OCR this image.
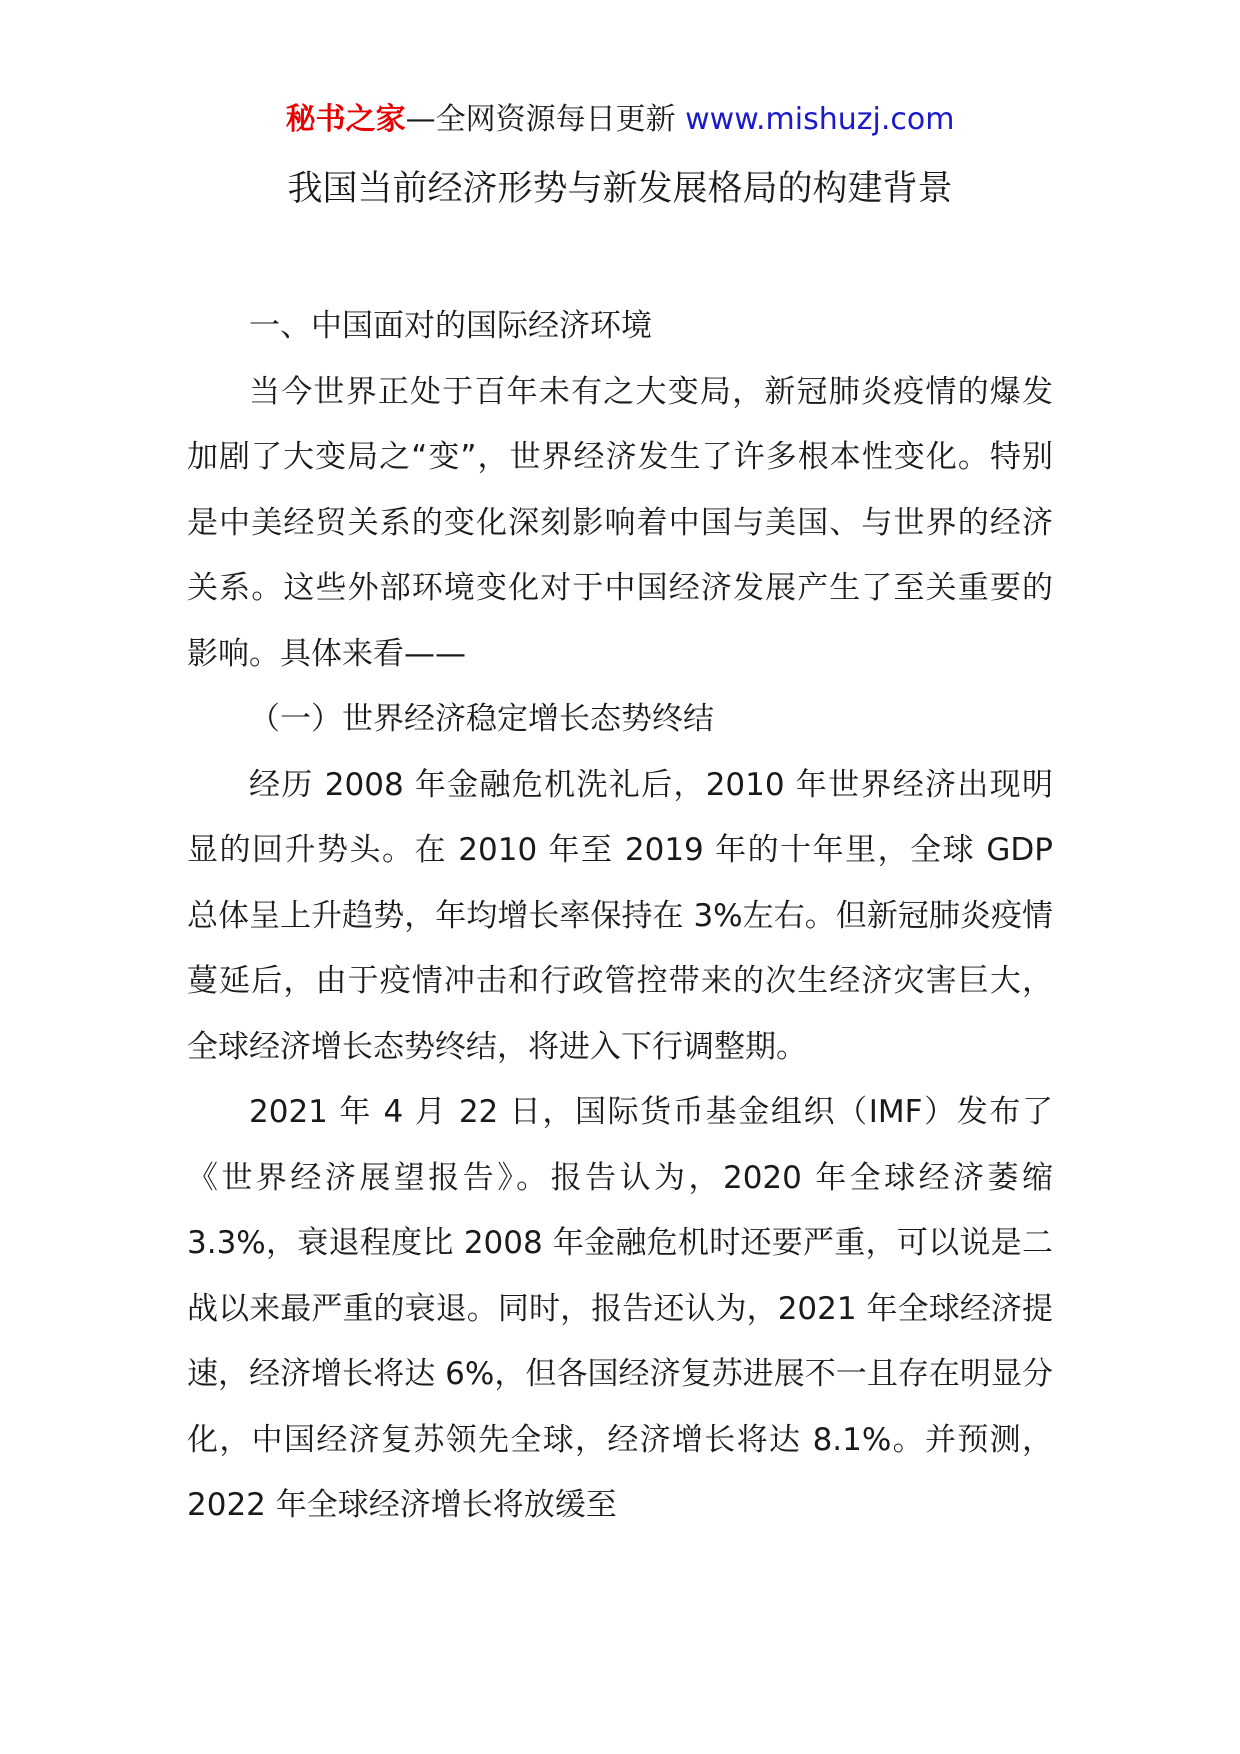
秘书之家—全网资源每日更新 www.mishuzj.com
我国当前经济形势与新发展格局的构建背景

一、中国面对的国际经济环境

当今世界正处于百年未有之大变局，新冠肺炎疫情的爆发加剧了大变局之“变”，世界经济发生了许多根本性变化。特别是中美经贸关系的变化深刻影响着中国与美国、与世界的经济关系。这些外部环境变化对于中国经济发展产生了至关重要的影响。具体来看——

（一）世界经济稳定增长态势终结

经历 2008 年金融危机洗礼后，2010 年世界经济出现明显的回升势头。在 2010 年至 2019 年的十年里，全球 GDP 总体呈上升趋势，年均增长率保持在 3%左右。但新冠肺炎疫情蔓延后，由于疫情冲击和行政管控带来的次生经济灾害巨大，全球经济增长态势终结，将进入下行调整期。

2021 年 4 月 22 日，国际货币基金组织（IMF）发布了《世界经济展望报告》。报告认为，2020 年全球经济萎缩 3.3%，衰退程度比 2008 年金融危机时还要严重，可以说是二战以来最严重的衰退。同时，报告还认为，2021 年全球经济提速，经济增长将达 6%，但各国经济复苏进展不一且存在明显分化，中国经济复苏领先全球，经济增长将达 8.1%。并预测，2022 年全球经济增长将放缓至
